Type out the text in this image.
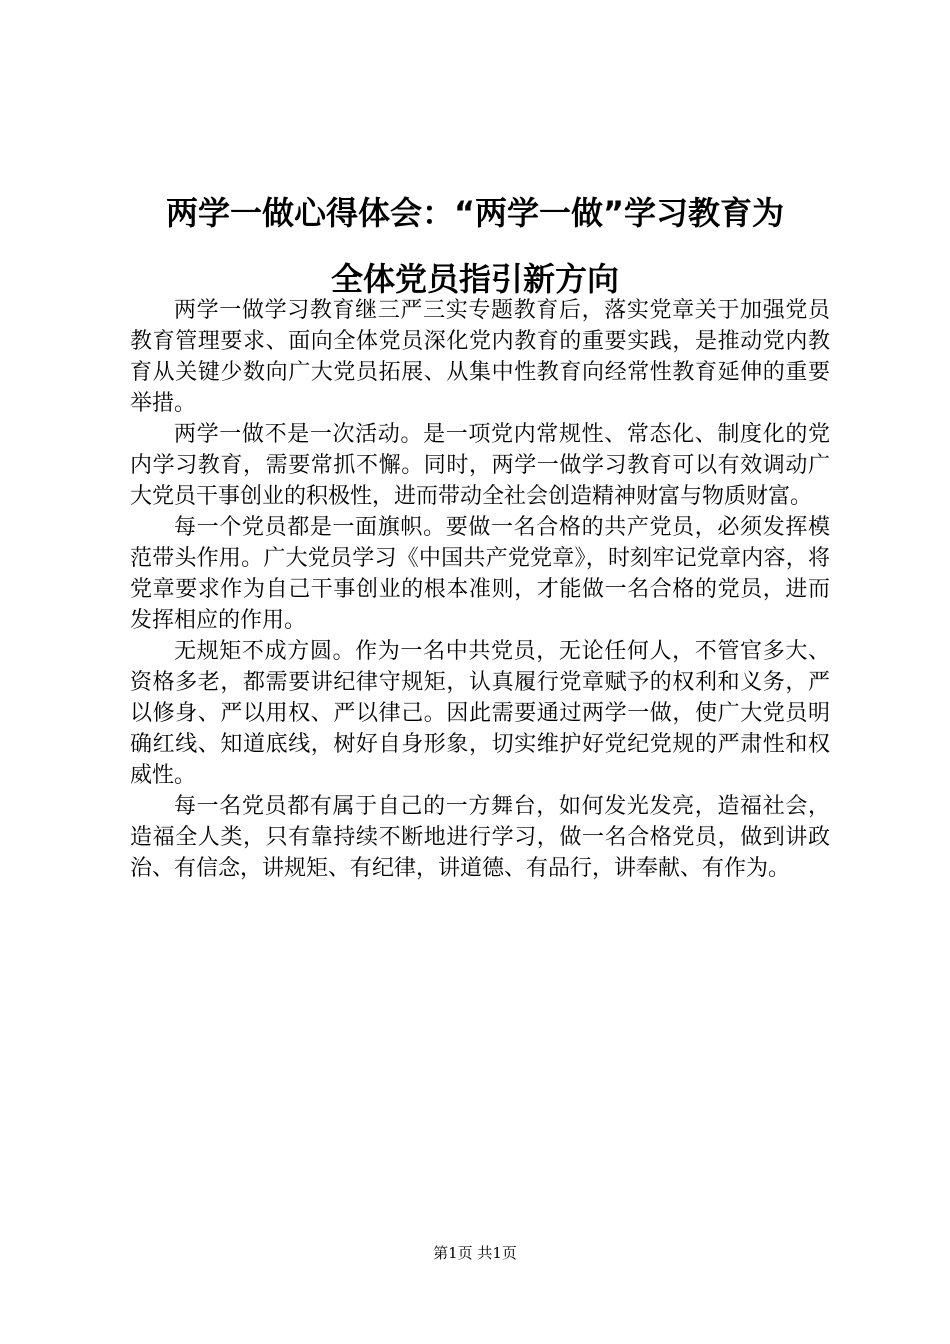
两学一做心得体会：“两学一做”学习教育为
全体党员指引新方向

两学一做学习教育继三严三实专题教育后，落实党章关于加强党员教育管理要求、面向全体党员深化党内教育的重要实践，是推动党内教育从关键少数向广大党员拓展、从集中性教育向经常性教育延伸的重要举措。

两学一做不是一次活动。是一项党内常规性、常态化、制度化的党内学习教育，需要常抓不懈。同时，两学一做学习教育可以有效调动广大党员干事创业的积极性，进而带动全社会创造精神财富与物质财富。

每一个党员都是一面旗帜。要做一名合格的共产党员，必须发挥模范带头作用。广大党员学习《中国共产党党章》，时刻牢记党章内容，将党章要求作为自己干事创业的根本准则，才能做一名合格的党员，进而发挥相应的作用。

无规矩不成方圆。作为一名中共党员，无论任何人，不管官多大、资格多老，都需要讲纪律守规矩，认真履行党章赋予的权利和义务，严以修身、严以用权、严以律己。因此需要通过两学一做，使广大党员明确红线、知道底线，树好自身形象，切实维护好党纪党规的严肃性和权威性。

每一名党员都有属于自己的一方舞台，如何发光发亮，造福社会，造福全人类，只有靠持续不断地进行学习，做一名合格党员，做到讲政治、有信念，讲规矩、有纪律，讲道德、有品行，讲奉献、有作为。

第1页 共1页
